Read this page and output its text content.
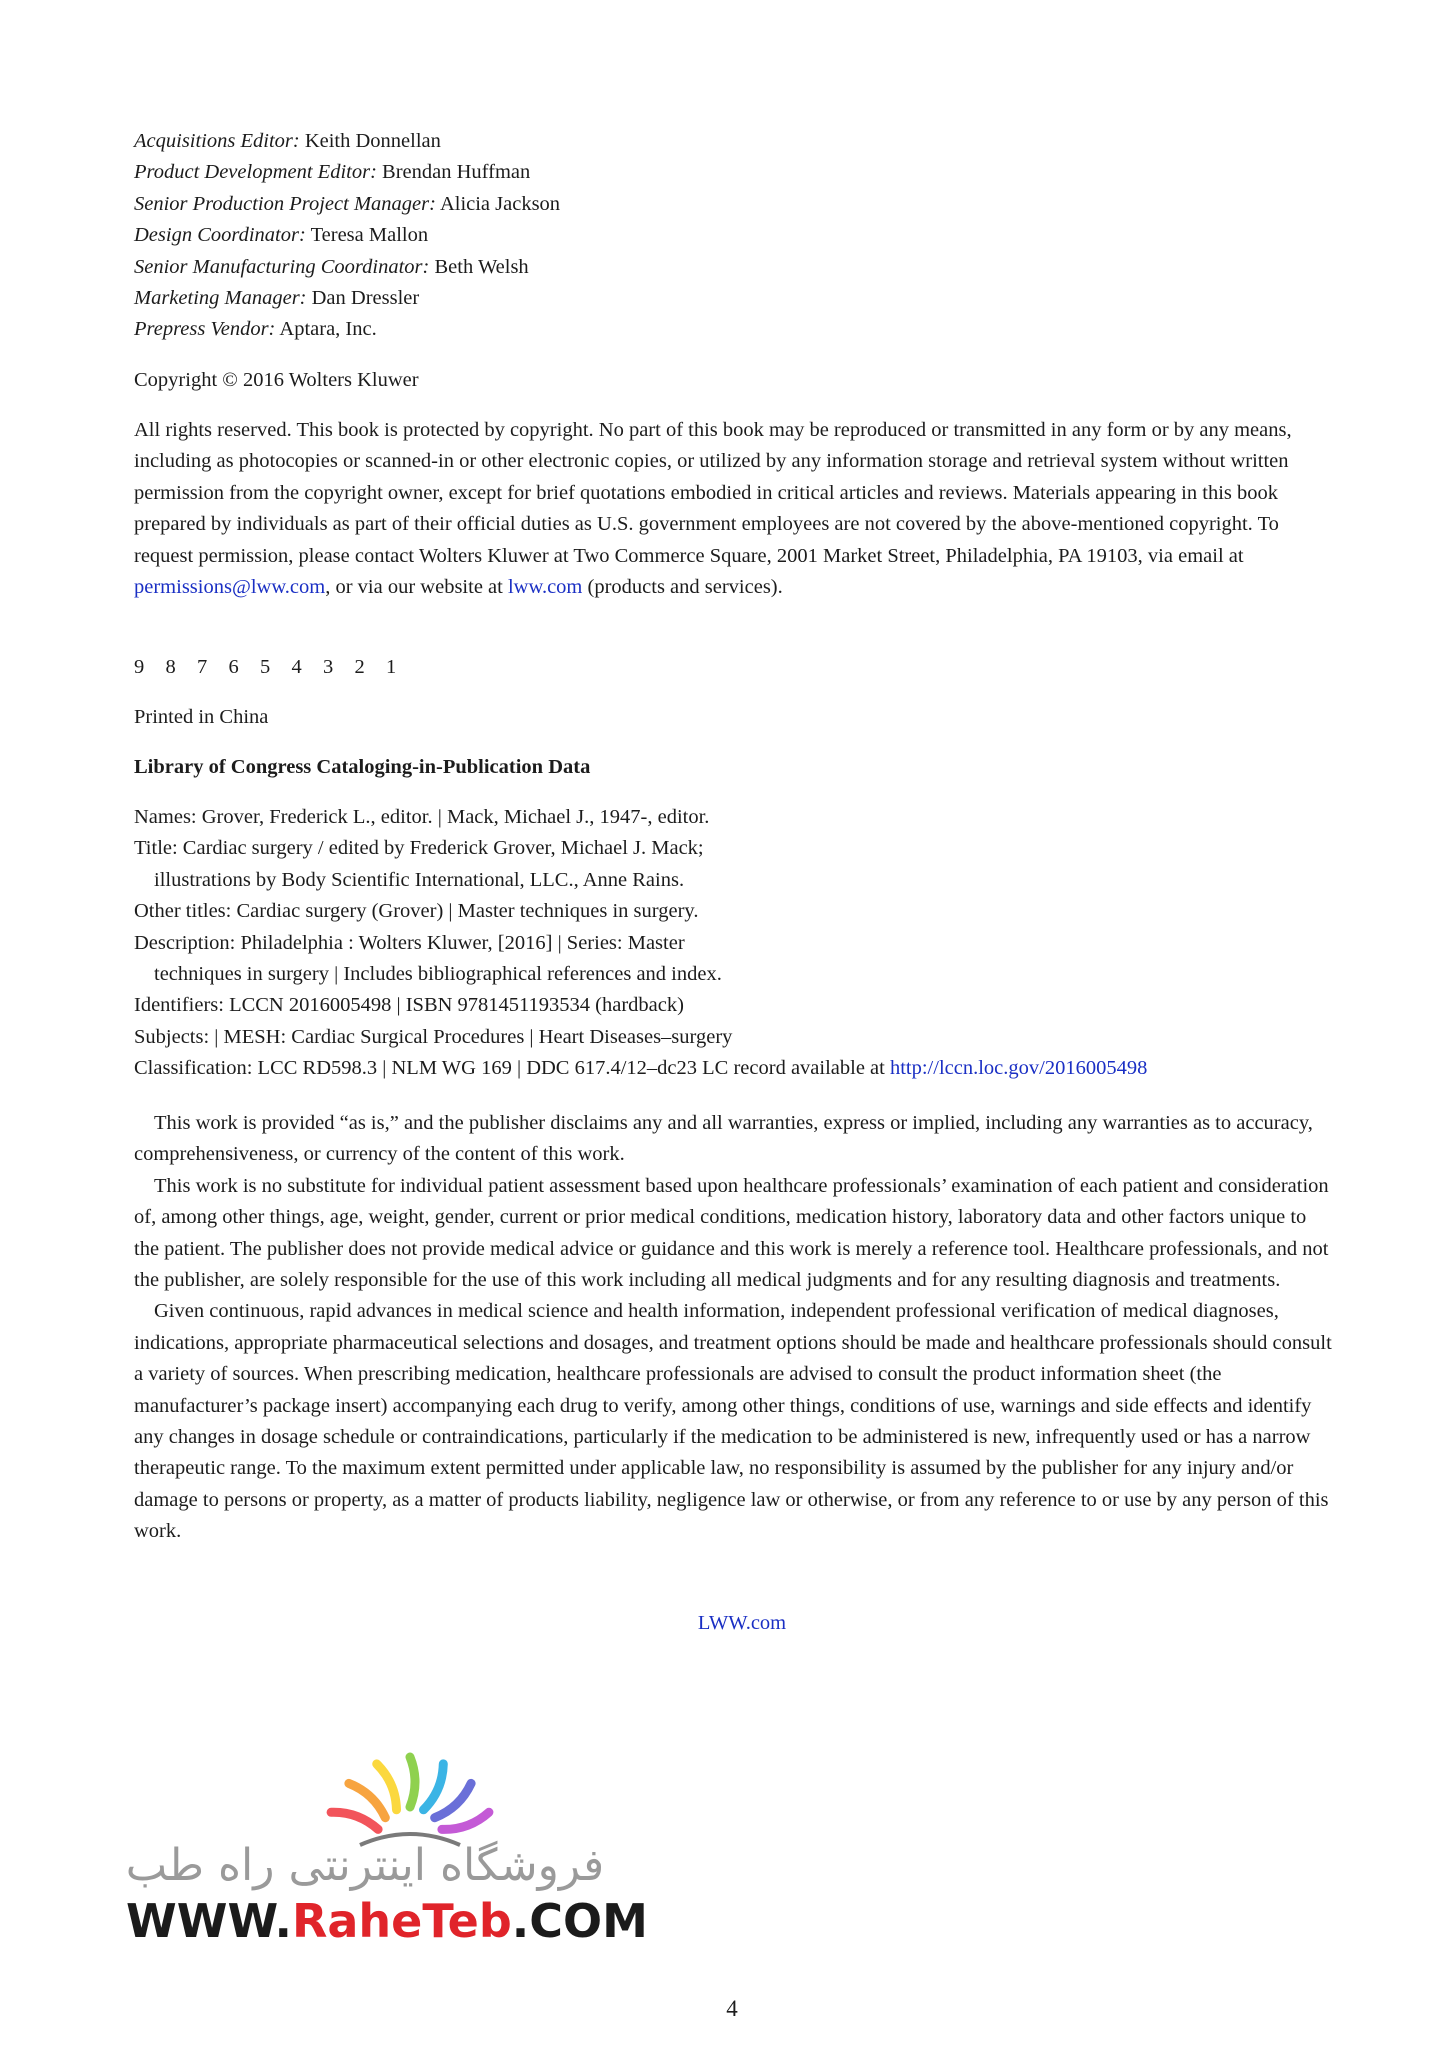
Acquisitions Editor: Keith Donnellan
Product Development Editor: Brendan Huffman
Senior Production Project Manager: Alicia Jackson
Design Coordinator: Teresa Mallon
Senior Manufacturing Coordinator: Beth Welsh
Marketing Manager: Dan Dressler
Prepress Vendor: Aptara, Inc.
Copyright © 2016 Wolters Kluwer
All rights reserved. This book is protected by copyright. No part of this book may be reproduced or transmitted in any form or by any means, including as photocopies or scanned-in or other electronic copies, or utilized by any information storage and retrieval system without written permission from the copyright owner, except for brief quotations embodied in critical articles and reviews. Materials appearing in this book prepared by individuals as part of their official duties as U.S. government employees are not covered by the above-mentioned copyright. To request permission, please contact Wolters Kluwer at Two Commerce Square, 2001 Market Street, Philadelphia, PA 19103, via email at permissions@lww.com, or via our website at lww.com (products and services).
9 8 7 6 5 4 3 2 1
Printed in China
Library of Congress Cataloging-in-Publication Data
Names: Grover, Frederick L., editor. | Mack, Michael J., 1947-, editor.
Title: Cardiac surgery / edited by Frederick Grover, Michael J. Mack;
illustrations by Body Scientific International, LLC., Anne Rains.
Other titles: Cardiac surgery (Grover) | Master techniques in surgery.
Description: Philadelphia : Wolters Kluwer, [2016] | Series: Master
techniques in surgery | Includes bibliographical references and index.
Identifiers: LCCN 2016005498 | ISBN 9781451193534 (hardback)
Subjects: | MESH: Cardiac Surgical Procedures | Heart Diseases–surgery
Classification: LCC RD598.3 | NLM WG 169 | DDC 617.4/12–dc23 LC record available at http://lccn.loc.gov/2016005498

This work is provided “as is,” and the publisher disclaims any and all warranties, express or implied, including any warranties as to accuracy, comprehensiveness, or currency of the content of this work.

This work is no substitute for individual patient assessment based upon healthcare professionals’ examination of each patient and consideration of, among other things, age, weight, gender, current or prior medical conditions, medication history, laboratory data and other factors unique to the patient. The publisher does not provide medical advice or guidance and this work is merely a reference tool. Healthcare professionals, and not the publisher, are solely responsible for the use of this work including all medical judgments and for any resulting diagnosis and treatments.

Given continuous, rapid advances in medical science and health information, independent professional verification of medical diagnoses, indications, appropriate pharmaceutical selections and dosages, and treatment options should be made and healthcare professionals should consult a variety of sources. When prescribing medication, healthcare professionals are advised to consult the product information sheet (the manufacturer’s package insert) accompanying each drug to verify, among other things, conditions of use, warnings and side effects and identify any changes in dosage schedule or contraindications, particularly if the medication to be administered is new, infrequently used or has a narrow therapeutic range. To the maximum extent permitted under applicable law, no responsibility is assumed by the publisher for any injury and/or damage to persons or property, as a matter of products liability, negligence law or otherwise, or from any reference to or use by any person of this work.

LWW.com
فروشگاه اینترنتی راه طب
WWW.RaheTeb.COM
4
